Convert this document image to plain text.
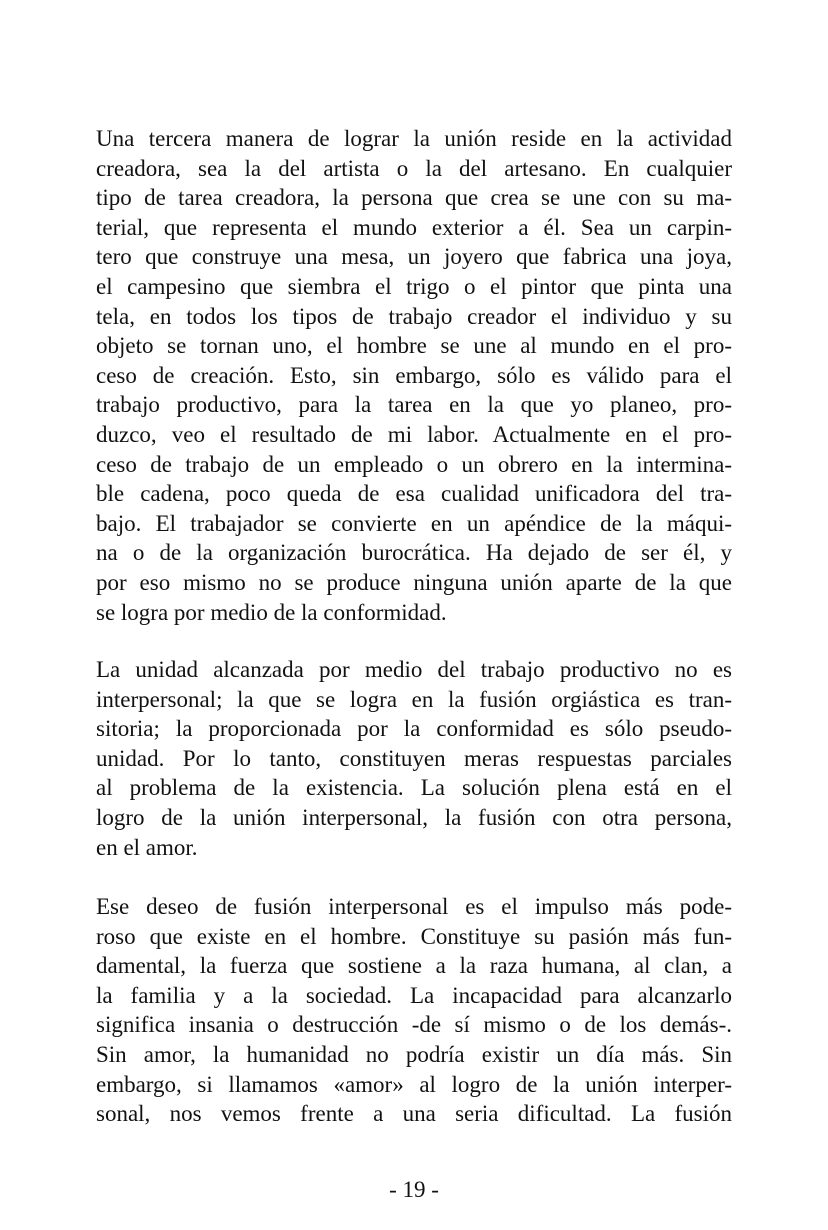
Una tercera manera de lograr la unión reside en la actividad
creadora, sea la del artista o la del artesano. En cualquier
tipo de tarea creadora, la persona que crea se une con su ma-
terial, que representa el mundo exterior a él. Sea un carpin-
tero que construye una mesa, un joyero que fabrica una joya,
el campesino que siembra el trigo o el pintor que pinta una
tela, en todos los tipos de trabajo creador el individuo y su
objeto se tornan uno, el hombre se une al mundo en el pro-
ceso de creación. Esto, sin embargo, sólo es válido para el
trabajo productivo, para la tarea en la que yo planeo, pro-
duzco, veo el resultado de mi labor. Actualmente en el pro-
ceso de trabajo de un empleado o un obrero en la intermina-
ble cadena, poco queda de esa cualidad unificadora del tra-
bajo. El trabajador se convierte en un apéndice de la máqui-
na o de la organización burocrática. Ha dejado de ser él, y
por eso mismo no se produce ninguna unión aparte de la que
se logra por medio de la conformidad.
La unidad alcanzada por medio del trabajo productivo no es
interpersonal; la que se logra en la fusión orgiástica es tran-
sitoria; la proporcionada por la conformidad es sólo pseudo-
unidad. Por lo tanto, constituyen meras respuestas parciales
al problema de la existencia. La solución plena está en el
logro de la unión interpersonal, la fusión con otra persona,
en el amor.
Ese deseo de fusión interpersonal es el impulso más pode-
roso que existe en el hombre. Constituye su pasión más fun-
damental, la fuerza que sostiene a la raza humana, al clan, a
la familia y a la sociedad. La incapacidad para alcanzarlo
significa insania o destrucción -de sí mismo o de los demás-.
Sin amor, la humanidad no podría existir un día más. Sin
embargo, si llamamos «amor» al logro de la unión interper-
sonal, nos vemos frente a una seria dificultad. La fusión
- 19 -
